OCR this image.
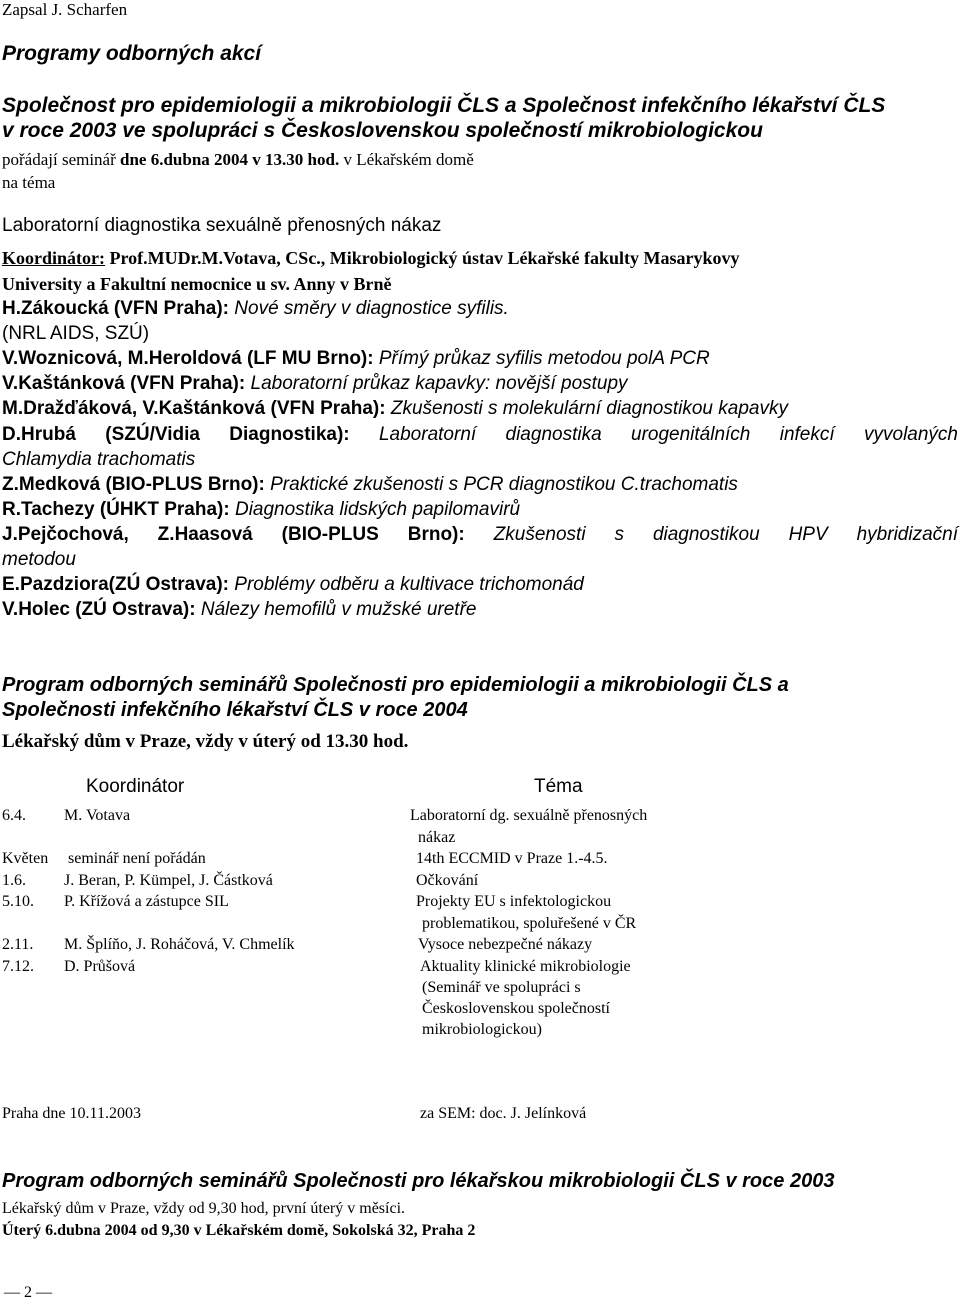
Zapsal J. Scharfen
Programy odborných akcí
Společnost pro epidemiologii a mikrobiologii ČLS a Společnost infekčního lékařství ČLS
v roce 2003 ve spolupráci s Československou společností mikrobiologickou
pořádají seminář dne 6.dubna 2004 v 13.30 hod. v Lékařském domě
na téma
Laboratorní diagnostika sexuálně přenosných nákaz
Koordinátor: Prof.MUDr.M.Votava, CSc., Mikrobiologický ústav Lékařské fakulty Masarykovy
University a Fakultní nemocnice u sv. Anny v Brně
H.Zákoucká (VFN Praha): Nové směry v diagnostice syfilis.
(NRL AIDS, SZÚ)
V.Woznicová, M.Heroldová (LF MU Brno): Přímý průkaz syfilis metodou polA PCR
V.Kaštánková (VFN Praha): Laboratorní průkaz kapavky: novější postupy
M.Dražďáková, V.Kaštánková (VFN Praha): Zkušenosti s molekulární diagnostikou kapavky
D.Hrubá (SZÚ/Vidia Diagnostika): Laboratorní diagnostika urogenitálních infekcí vyvolaných
Chlamydia trachomatis
Z.Medková (BIO-PLUS Brno): Praktické zkušenosti s PCR diagnostikou C.trachomatis
R.Tachezy (ÚHKT Praha): Diagnostika lidských papilomavirů
J.Pejčochová, Z.Haasová (BIO-PLUS Brno): Zkušenosti s diagnostikou HPV hybridizační
metodou
E.Pazdziora(ZÚ Ostrava): Problémy odběru a kultivace trichomonád
V.Holec (ZÚ Ostrava): Nálezy hemofilů v mužské uretře
Program odborných seminářů Společnosti pro epidemiologii a mikrobiologii ČLS a
Společnosti infekčního lékařství ČLS v roce 2004
Lékařský dům v Praze, vždy v úterý od 13.30 hod.
Koordinátor	Téma
6.4. M. Votava	Laboratorní dg. sexuálně přenosných
nákaz
Květen seminář není pořádán	14th ECCMID v Praze 1.-4.5.
1.6. J. Beran, P. Kümpel, J. Částková	Očkování
5.10. P. Křížová a zástupce SIL	Projekty EU s infektologickou
problematikou, spoluřešené v ČR
2.11. M. Šplíňo, J. Roháčová, V. Chmelík	Vysoce nebezpečné nákazy
7.12. D. Průšová	Aktuality klinické mikrobiologie
(Seminář ve spolupráci s
Československou společností
mikrobiologickou)
Praha dne 10.11.2003	za SEM: doc. J. Jelínková
Program odborných seminářů Společnosti pro lékařskou mikrobiologii ČLS v roce 2003
Lékařský dům v Praze, vždy od 9,30 hod, první úterý v měsíci.
Úterý 6.dubna 2004 od 9,30 v Lékařském domě, Sokolská 32, Praha 2
— 2 —
